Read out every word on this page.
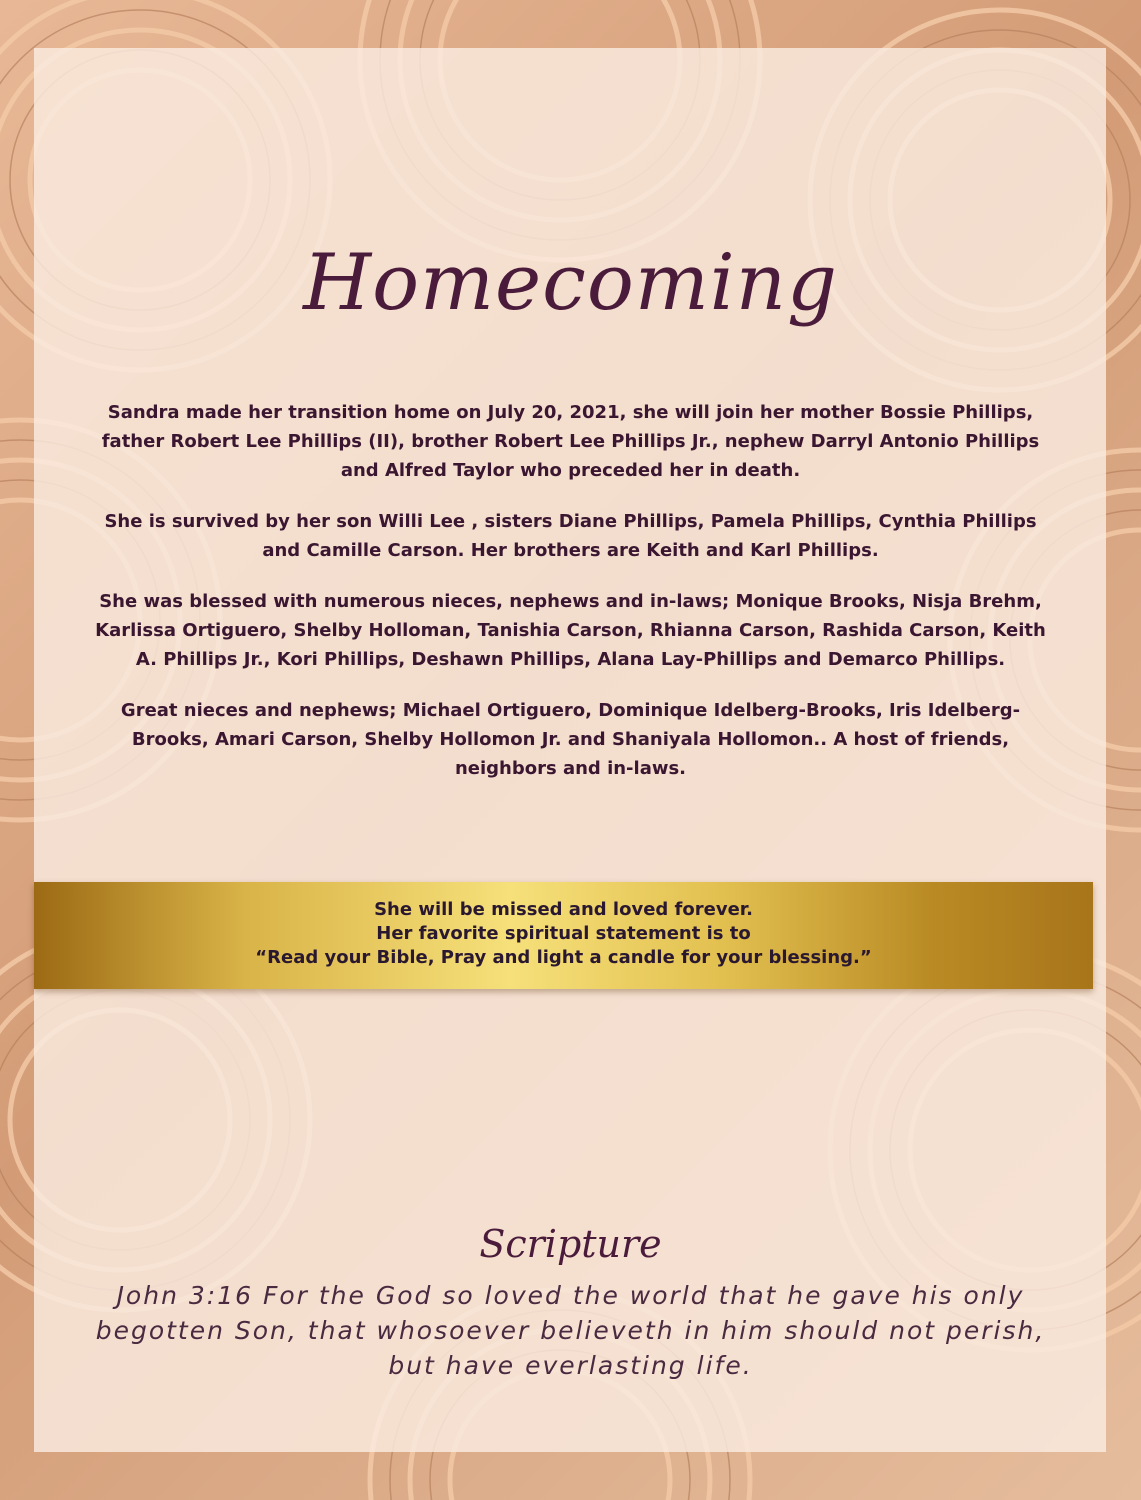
Homecoming

Sandra made her transition home on July 20, 2021, she will join her mother Bossie Phillips, father Robert Lee Phillips (II), brother Robert Lee Phillips Jr., nephew Darryl Antonio Phillips and Alfred Taylor who preceded her in death.

She is survived by her son Willi Lee , sisters Diane Phillips, Pamela Phillips, Cynthia Phillips and Camille Carson. Her brothers are Keith and Karl Phillips.

She was blessed with numerous nieces, nephews and in-laws; Monique Brooks, Nisja Brehm, Karlissa Ortiguero, Shelby Holloman, Tanishia Carson, Rhianna Carson, Rashida Carson, Keith A. Phillips Jr., Kori Phillips, Deshawn Phillips, Alana Lay-Phillips and Demarco Phillips.

Great nieces and nephews; Michael Ortiguero, Dominique Idelberg-Brooks, Iris Idelberg-Brooks, Amari Carson, Shelby Hollomon Jr. and Shaniyala Hollomon.. A host of friends, neighbors and in-laws.

She will be missed and loved forever.
Her favorite spiritual statement is to
“Read your Bible, Pray and light a candle for your blessing.”
Scripture
John 3:16 For the God so loved the world that he gave his only begotten Son, that whosoever believeth in him should not perish, but have everlasting life.
